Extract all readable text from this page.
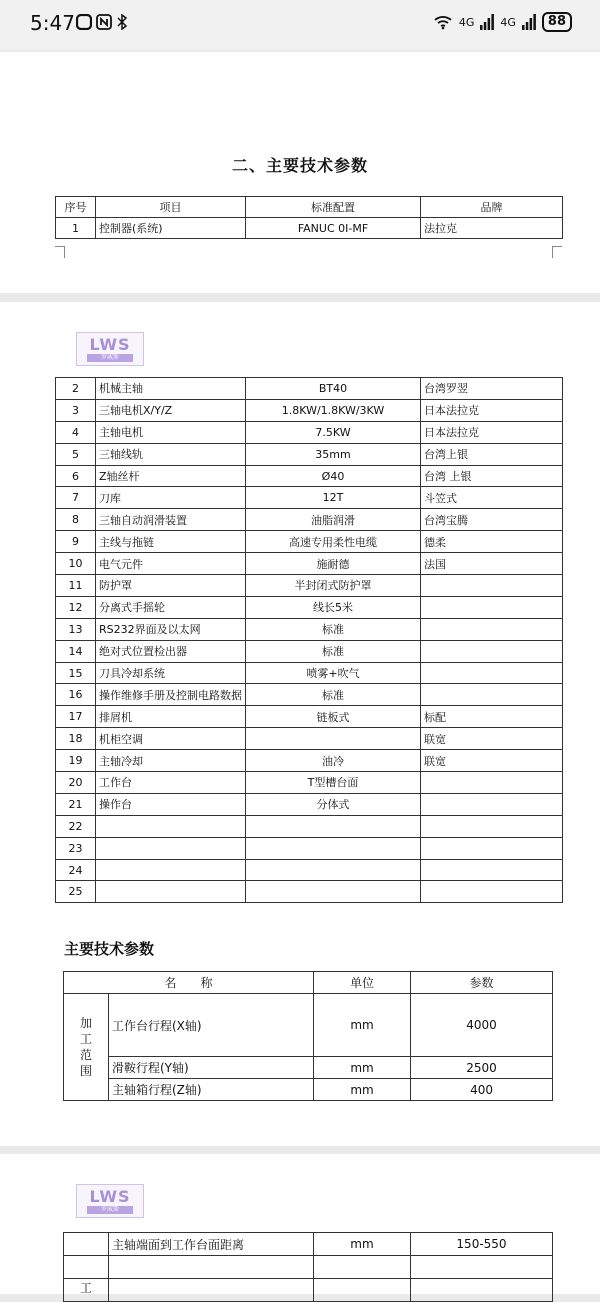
5:47	4G 4G	88
二、主要技术参数
序号	项目	标准配置	品牌
1	控制器(系统)	FANUC 0I-MF	法拉克
LWS
罗威斯
2	机械主轴	BT40	台湾罗翌
3	三轴电机X/Y/Z	1.8KW/1.8KW/3KW	日本法拉克
4	主轴电机	7.5KW	日本法拉克
5	三轴线轨	35mm	台湾上银
6	Z轴丝杆	Ø40	台湾 上银
7	刀库	12T	斗笠式
8	三轴自动润滑装置	油脂润滑	台湾宝腾
9	主线与拖链	高速专用柔性电缆	德柔
10	电气元件	施耐德	法国
11	防护罩	半封闭式防护罩	
12	分离式手摇轮	线长5米	
13	RS232界面及以太网	标准	
14	绝对式位置检出器	标准	
15	刀具冷却系统	喷雾+吹气	
16	操作维修手册及控制电路数据	标准	
17	排屑机	链板式	标配
18	机柜空调		联宽
19	主轴冷却	油冷	联宽
20	工作台	T型槽台面	
21	操作台	分体式	
22			
23			
24			
25			
主要技术参数
名　　称		单位	参数
加
工
范
围	工作台行程(X轴)	mm	4000
	滑鞍行程(Y轴)	mm	2500
	主轴箱行程(Z轴)	mm	400
LWS
罗威斯
	主轴端面到工作台面距离	mm	150-550

工			
